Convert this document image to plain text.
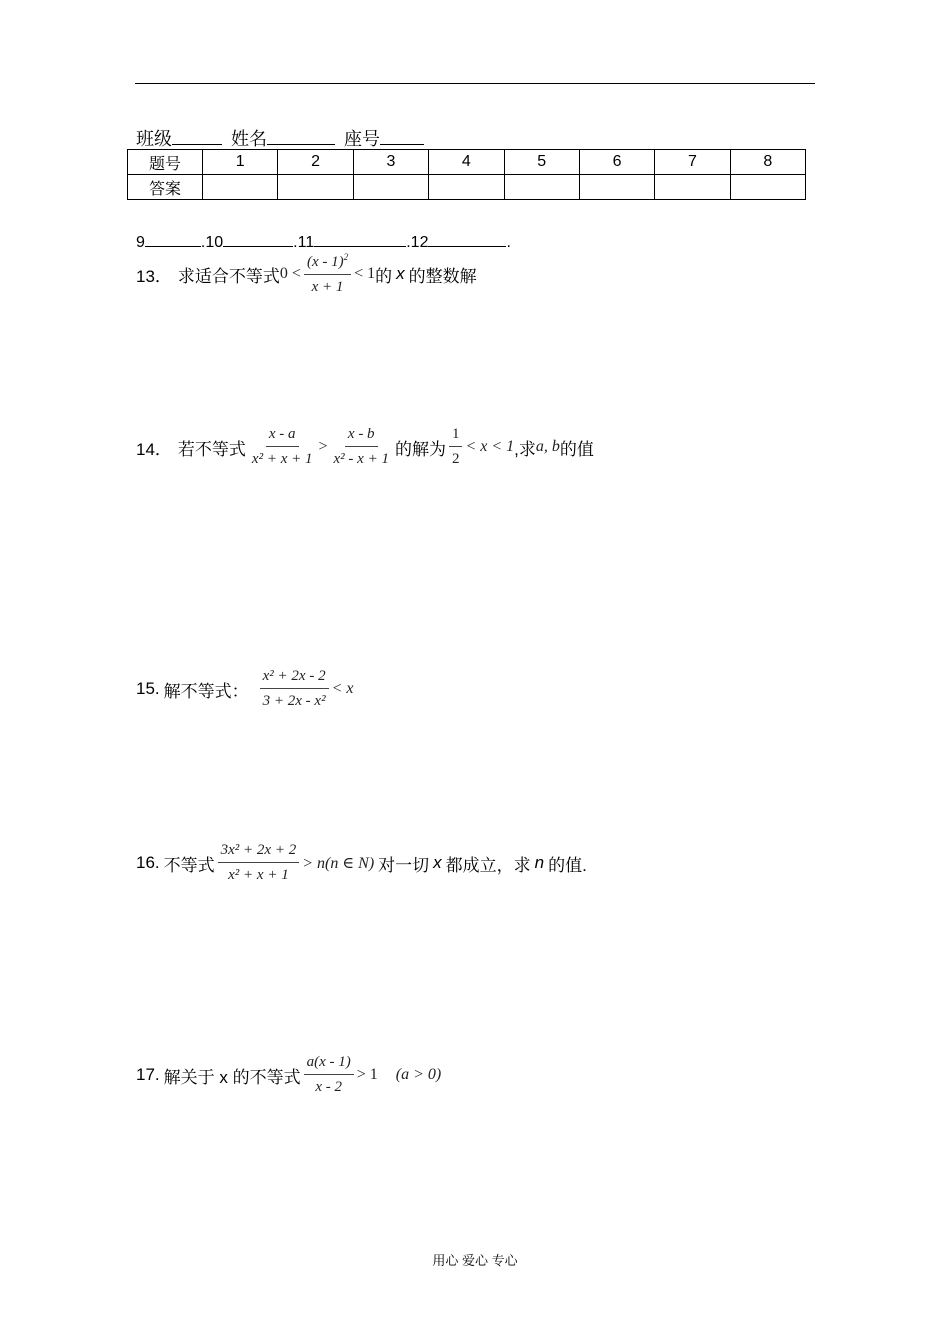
班级	姓名	座号
题号	1	2	3	4	5	6	7	8
答案								
9	.10	.11	.12	.
13． 求适合不等式 $0 < \frac{(x - 1)^2}{x + 1} < 1$ 的 x 的整数解
14． 若不等式 $\frac{x - a}{\text{x² + x + 1}} > \frac{x - b}{\text{x² - x + 1}}$ 的解为 $\frac{1}{2} < x < 1$ ,求 a, b 的值
15. 解不等式： $\frac{\text{x² + 2x - 2}}{\text{3 + 2x - x²}} < x$
16. 不等式 $\frac{\text{3x² + 2x + 2}}{\text{x² + x + 1}} > n(n$ ∈ N) 对一切 x 都成立，求 n 的值.
17. 解关于 x 的不等式 $\frac{a(x - 1)}{x - 2} > 1$ (a > 0)
用心 爱心 专心
